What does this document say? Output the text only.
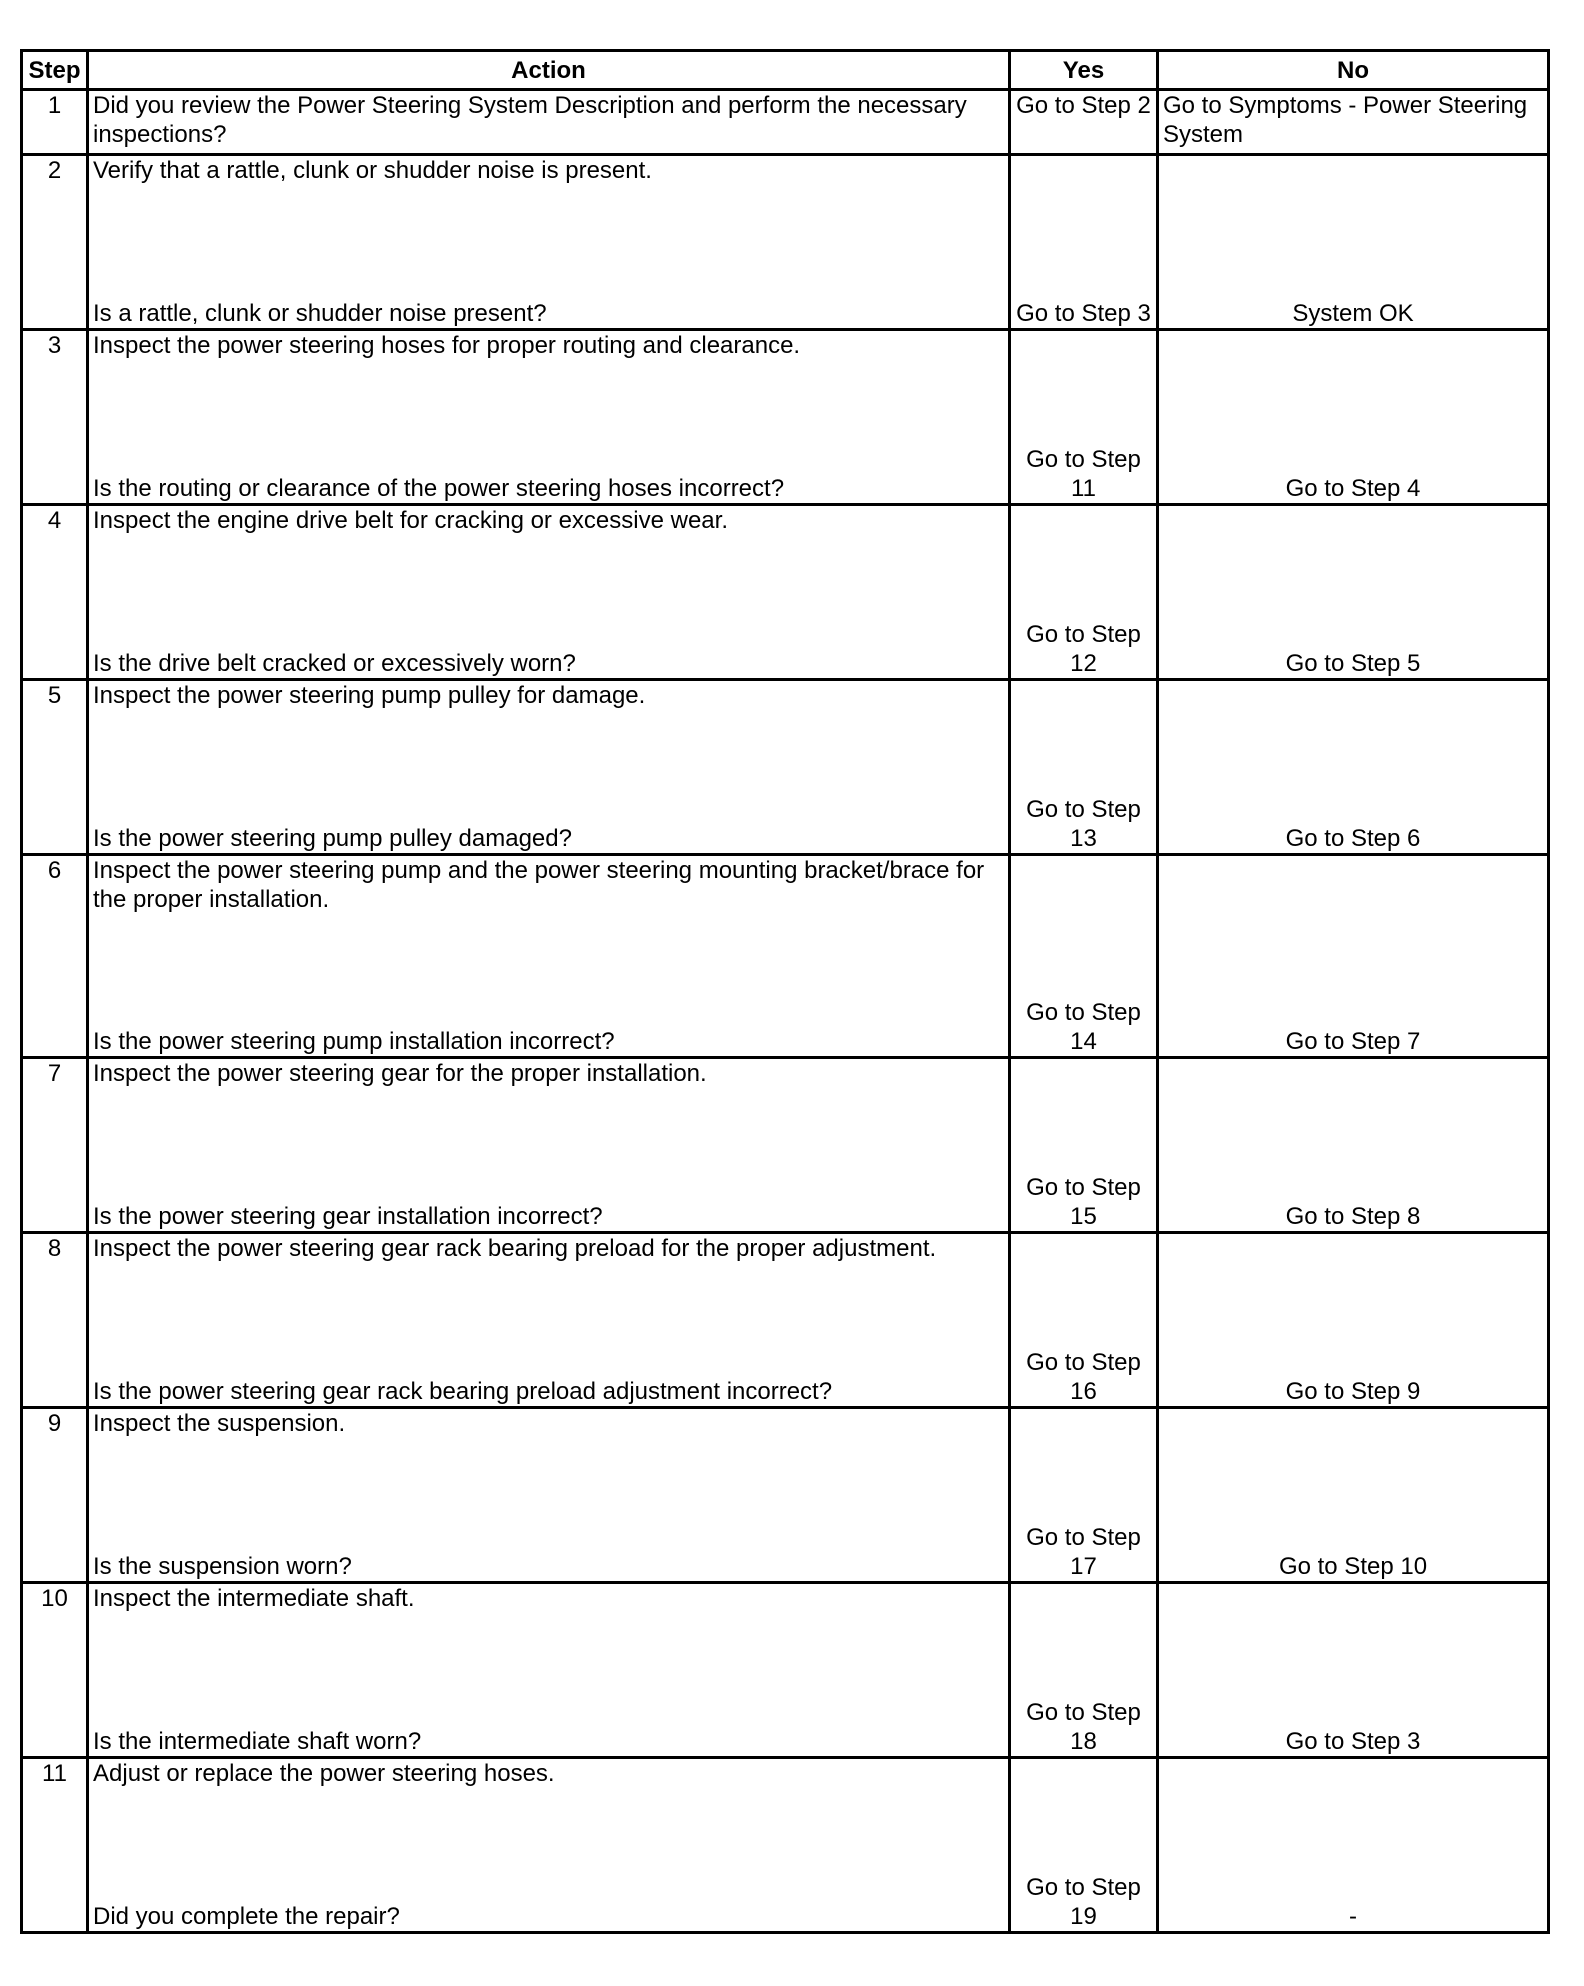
Step	Action	Yes	No
1	Did you review the Power Steering System Description and perform the necessary inspections?	Go to Step 2	Go to Symptoms - Power Steering System
2	Verify that a rattle, clunk or shudder noise is present.
Is a rattle, clunk or shudder noise present?	Go to Step 3	System OK
3	Inspect the power steering hoses for proper routing and clearance.
Is the routing or clearance of the power steering hoses incorrect?	Go to Step 11	Go to Step 4
4	Inspect the engine drive belt for cracking or excessive wear.
Is the drive belt cracked or excessively worn?	Go to Step 12	Go to Step 5
5	Inspect the power steering pump pulley for damage.
Is the power steering pump pulley damaged?	Go to Step 13	Go to Step 6
6	Inspect the power steering pump and the power steering mounting bracket/brace for the proper installation.
Is the power steering pump installation incorrect?	Go to Step 14	Go to Step 7
7	Inspect the power steering gear for the proper installation.
Is the power steering gear installation incorrect?	Go to Step 15	Go to Step 8
8	Inspect the power steering gear rack bearing preload for the proper adjustment.
Is the power steering gear rack bearing preload adjustment incorrect?	Go to Step 16	Go to Step 9
9	Inspect the suspension.
Is the suspension worn?	Go to Step 17	Go to Step 10
10	Inspect the intermediate shaft.
Is the intermediate shaft worn?	Go to Step 18	Go to Step 3
11	Adjust or replace the power steering hoses.
Did you complete the repair?	Go to Step 19	-
